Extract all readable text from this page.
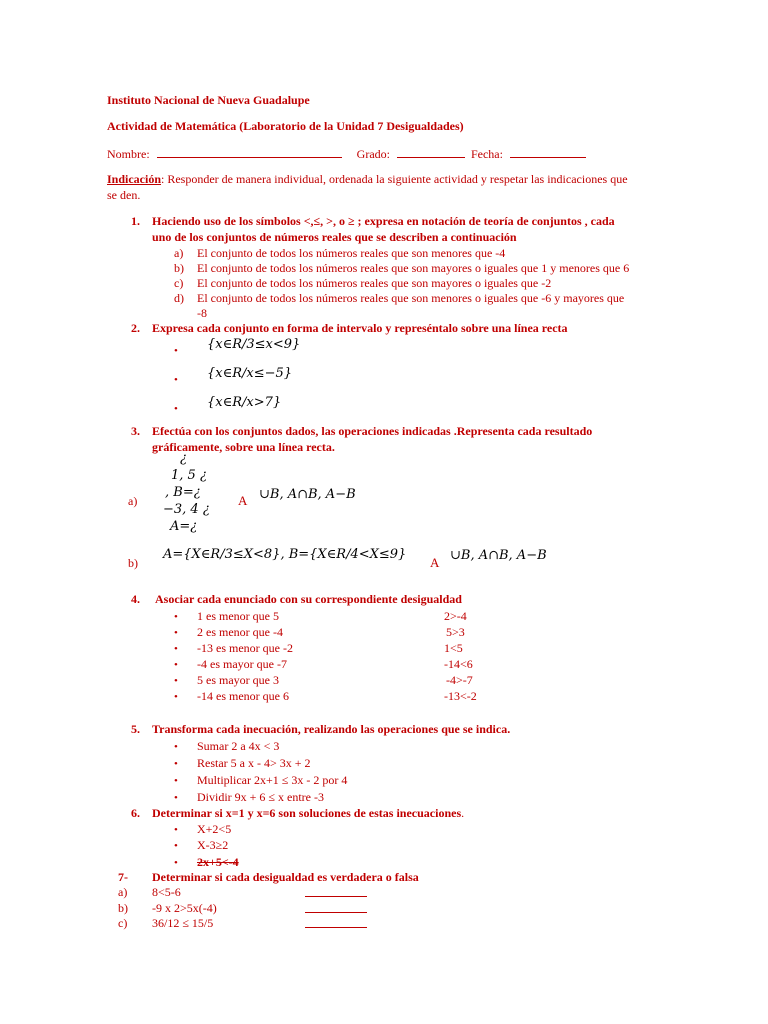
Instituto Nacional de Nueva Guadalupe
Actividad de Matemática (Laboratorio de la Unidad 7 Desigualdades)
Nombre:	Grado:	Fecha:
Indicación: Responder de manera individual, ordenada la siguiente actividad y respetar las indicaciones que
se den.
1. Haciendo uso de los símbolos <,≤, >, o ≥ ; expresa en notación de teoría de conjuntos , cada
uno de los conjuntos de números reales que se describen a continuación
a) El conjunto de todos los números reales que son menores que -4
b) El conjunto de todos los números reales que son mayores o iguales que 1 y menores que 6
c) El conjunto de todos los números reales que son mayores o iguales que -2
d) El conjunto de todos los números reales que son menores o iguales que -6 y mayores que
-8
2. Expresa cada conjunto en forma de intervalo y represéntalo sobre una línea recta
• {x∈R/3≤x<9}
• {x∈R/x≤−5}
• {x∈R/x>7}
3. Efectúa con los conjuntos dados, las operaciones indicadas .Representa cada resultado
gráficamente, sobre una línea recta.
¿
1, 5 ¿
, B=¿
a)	A ∪B, A∩B, A−B
−3, 4 ¿
A=¿
b)
A={X∈R/3≤X<8}, B={X∈R/4<X≤9}
A ∪B, A∩B, A−B
4. Asociar cada enunciado con su correspondiente desigualdad
• 1 es menor que 5	2>-4
• 2 es menor que -4	5>3
• -13 es menor que -2	1<5
• -4 es mayor que -7	-14<6
• 5 es mayor que 3	-4>-7
• -14 es menor que 6	-13<-2
5. Transforma cada inecuación, realizando las operaciones que se indica.
• Sumar 2 a 4x < 3
• Restar 5 a x - 4> 3x + 2
• Multiplicar 2x+1 ≤ 3x - 2 por 4
• Dividir 9x + 6 ≤ x entre -3
6. Determinar si x=1 y x=6 son soluciones de estas inecuaciones.
• X+2<5
• X-3≥2
• 2x+5<-4
7- Determinar si cada desigualdad es verdadera o falsa
a) 8<5-6
b) -9 x 2>5x(-4)
c) 36/12 ≤ 15/5
